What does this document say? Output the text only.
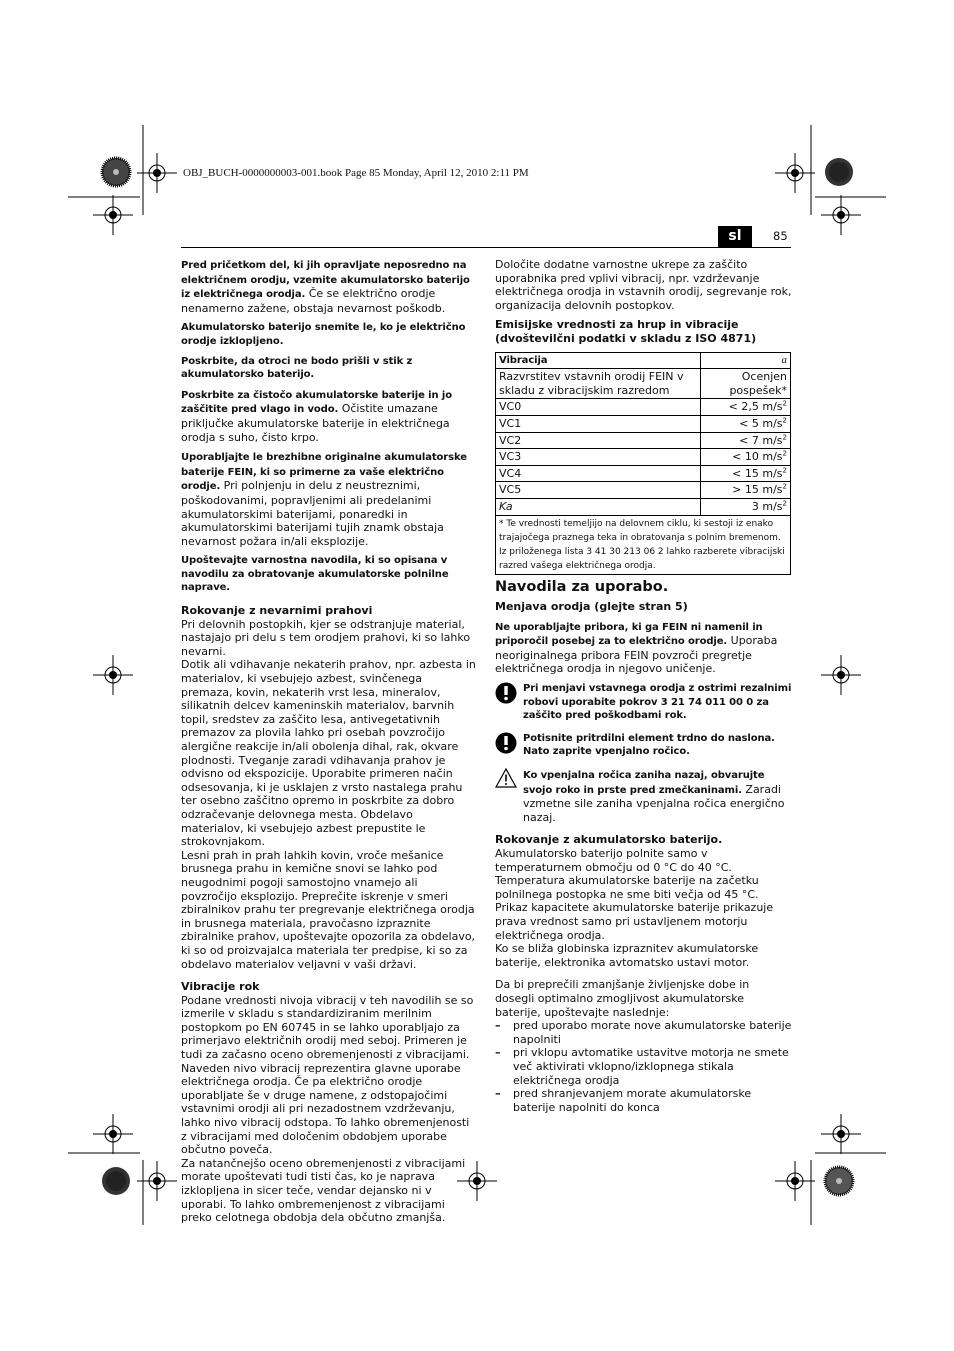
OBJ_BUCH-0000000003-001.book Page 85 Monday, April 12, 2010 2:11 PM
sl	85

Pred pričetkom del, ki jih opravljate neposredno na električnem orodju, vzemite akumulatorsko baterijo iz električnega orodja. Če se električno orodje nenamerno zažene, obstaja nevarnost poškodb.

Akumulatorsko baterijo snemite le, ko je električno orodje izklopljeno.

Poskrbite, da otroci ne bodo prišli v stik z akumulatorsko baterijo.

Poskrbite za čistočo akumulatorske baterije in jo zaščitite pred vlago in vodo. Očistite umazane priključke akumulatorske baterije in električnega orodja s suho, čisto krpo.

Uporabljajte le brezhibne originalne akumulatorske baterije FEIN, ki so primerne za vaše električno orodje. Pri polnjenju in delu z neustreznimi, poškodovanimi, popravljenimi ali predelanimi akumulatorskimi baterijami, ponaredki in akumulatorskimi baterijami tujih znamk obstaja nevarnost požara in/ali eksplozije.

Upoštevajte varnostna navodila, ki so opisana v navodilu za obratovanje akumulatorske polnilne naprave.

Rokovanje z nevarnimi prahovi

Pri delovnih postopkih, kjer se odstranjuje material, nastajajo pri delu s tem orodjem prahovi, ki so lahko nevarni.

Dotik ali vdihavanje nekaterih prahov, npr. azbesta in materialov, ki vsebujejo azbest, svinčenega premaza, kovin, nekaterih vrst lesa, mineralov, silikatnih delcev kameninskih materialov, barvnih topil, sredstev za zaščito lesa, antivegetativnih premazov za plovila lahko pri osebah povzročijo alergične reakcije in/ali obolenja dihal, rak, okvare plodnosti. Tveganje zaradi vdihavanja prahov je odvisno od ekspozicije. Uporabite primeren način odsesovanja, ki je usklajen z vrsto nastalega prahu ter osebno zaščitno opremo in poskrbite za dobro odzračevanje delovnega mesta. Obdelavo materialov, ki vsebujejo azbest prepustite le strokovnjakom.

Lesni prah in prah lahkih kovin, vroče mešanice brusnega prahu in kemične snovi se lahko pod neugodnimi pogoji samostojno vnamejo ali povzročijo eksplozijo. Preprečite iskrenje v smeri zbiralnikov prahu ter pregrevanje električnega orodja in brusnega materiala, pravočasno izpraznite zbiralnike prahov, upoštevajte opozorila za obdelavo, ki so od proizvajalca materiala ter predpise, ki so za obdelavo materialov veljavni v vaši državi.

Vibracije rok

Podane vrednosti nivoja vibracij v teh navodilih se so izmerile v skladu s standardiziranim merilnim postopkom po EN 60745 in se lahko uporabljajo za primerjavo električnih orodij med seboj. Primeren je tudi za začasno oceno obremenjenosti z vibracijami.

Naveden nivo vibracij reprezentira glavne uporabe električnega orodja. Če pa električno orodje uporabljate še v druge namene, z odstopajočimi vstavnimi orodji ali pri nezadostnem vzdrževanju, lahko nivo vibracij odstopa. To lahko obremenjenosti z vibracijami med določenim obdobjem uporabe občutno poveča.

Za natančnejšo oceno obremenjenosti z vibracijami morate upoštevati tudi tisti čas, ko je naprava izklopljena in sicer teče, vendar dejansko ni v uporabi. To lahko ombremenjenost z vibracijami preko celotnega obdobja dela občutno zmanjša.

Določite dodatne varnostne ukrepe za zaščito uporabnika pred vplivi vibracij, npr. vzdrževanje električnega orodja in vstavnih orodij, segrevanje rok, organizacija delovnih postopkov.

Emisijske vrednosti za hrup in vibracije (dvoštevilčni podatki v skladu z ISO 4871)

Vibracija	a
Razvrstitev vstavnih orodij FEIN v skladu z vibracijskim razredom	Ocenjen pospešek*
VC0	< 2,5 $m/s^2$
VC1	< 5 $m/s^2$
VC2	< 7 $m/s^2$
VC3	< 10 $m/s^2$
VC4	< 15 $m/s^2$
VC5	> 15 $m/s^2$
Ka	3 $m/s^2$

* Te vrednosti temeljijo na delovnem ciklu, ki sestoji iz enako trajajočega praznega teka in obratovanja s polnim bremenom.
Iz priloženega lista 3 41 30 213 06 2 lahko razberete vibracijski razred vašega električnega orodja.	

Navodila za uporabo.

Menjava orodja (glejte stran 5)

Ne uporabljajte pribora, ki ga FEIN ni namenil in priporočil posebej za to električno orodje. Uporaba neoriginalnega pribora FEIN povzroči pregretje električnega orodja in njegovo uničenje.

Pri menjavi vstavnega orodja z ostrimi rezalnimi robovi uporabite pokrov 3 21 74 011 00 0 za zaščito pred poškodbami rok.

Potisnite pritrdilni element trdno do naslona. Nato zaprite vpenjalno ročico.

Ko vpenjalna ročica zaniha nazaj, obvarujte svojo roko in prste pred zmečkaninami. Zaradi vzmetne sile zaniha vpenjalna ročica energično nazaj.

Rokovanje z akumulatorsko baterijo.

Akumulatorsko baterijo polnite samo v temperaturnem območju od 0 °C do 40 °C. Temperatura akumulatorske baterije na začetku polnilnega postopka ne sme biti večja od 45 °C.

Prikaz kapacitete akumulatorske baterije prikazuje prava vrednost samo pri ustavljenem motorju električnega orodja.

Ko se bliža globinska izpraznitev akumulatorske baterije, elektronika avtomatsko ustavi motor.

Da bi preprečili zmanjšanje življenjske dobe in dosegli optimalno zmogljivost akumulatorske baterije, upoštevajte naslednje:

– pred uporabo morate nove akumulatorske baterije napolniti
– pri vklopu avtomatike ustavitve motorja ne smete več aktivirati vklopno/izklopnega stikala električnega orodja
– pred shranjevanjem morate akumulatorske baterije napolniti do konca
